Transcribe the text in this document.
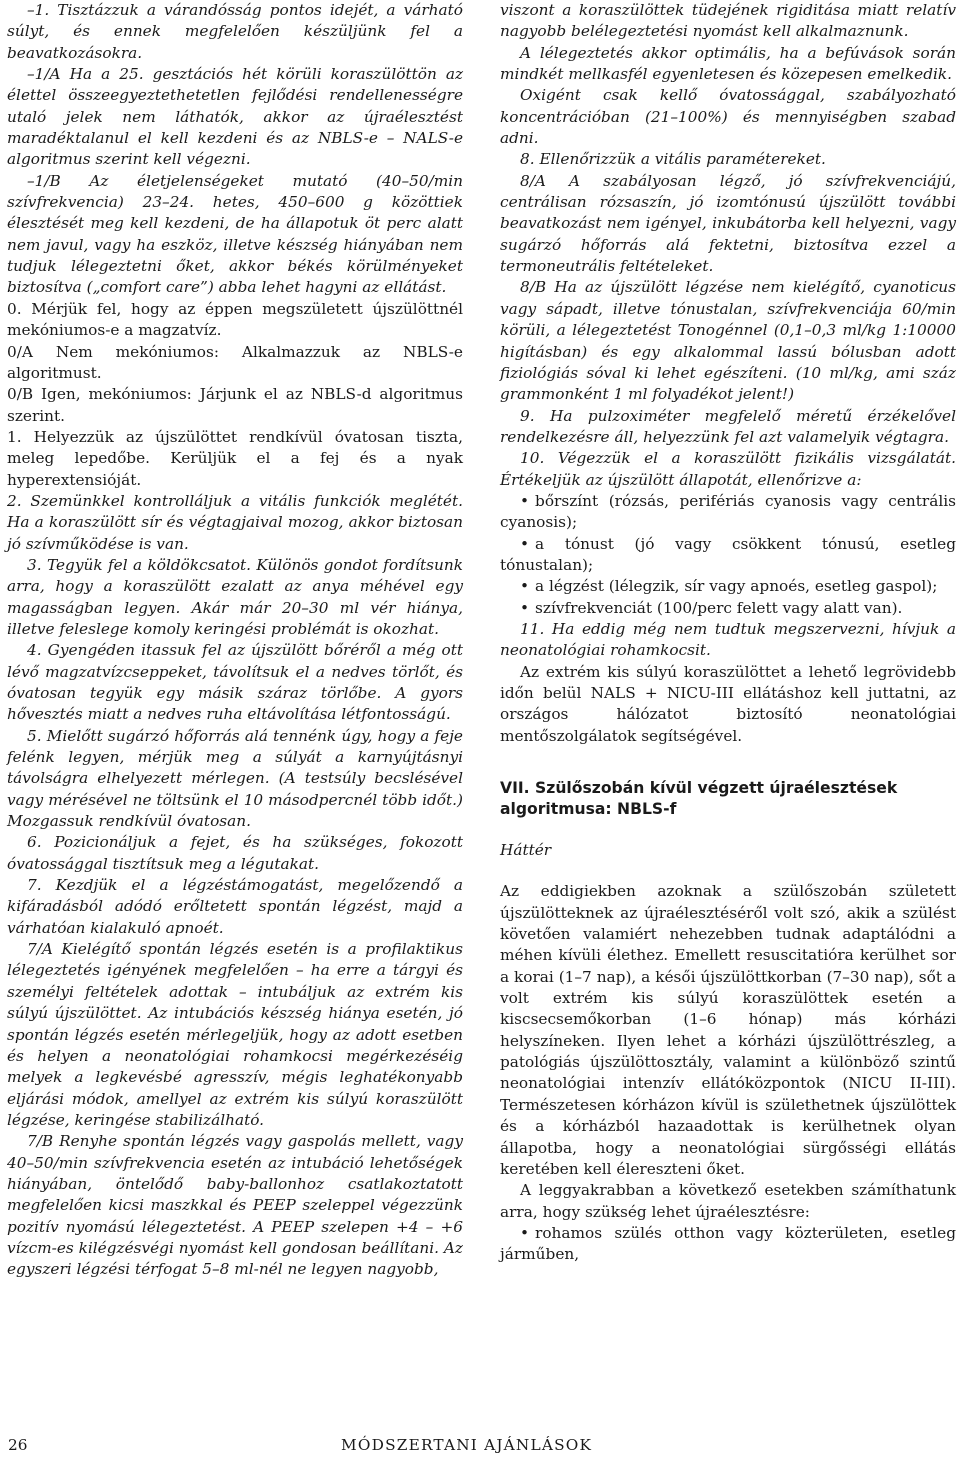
–1. Tisztázzuk a várandósság pontos idejét, a várható súlyt, és ennek megfelelően készüljünk fel a beavatkozásokra.

–1/A Ha a 25. gesztációs hét körüli koraszülöttön az élettel összeegyeztethetetlen fejlődési rendellenességre utaló jelek nem láthatók, akkor az újraélesztést maradéktalanul el kell kezdeni és az NBLS-e – NALS-e algoritmus szerint kell végezni.

–1/B Az életjelenségeket mutató (40–50/min szívfrekvencia) 23–24. hetes, 450–600 g közöttiek élesztését meg kell kezdeni, de ha állapotuk öt perc alatt nem javul, vagy ha eszköz, illetve készség hiányában nem tudjuk lélegeztetni őket, akkor békés körülményeket biztosítva („comfort care”) abba lehet hagyni az ellátást.

0. Mérjük fel, hogy az éppen megszületett újszülöttnél mekóniumos-e a magzatvíz.

0/A Nem mekóniumos: Alkalmazzuk az NBLS-e algoritmust.

0/B Igen, mekóniumos: Járjunk el az NBLS-d algoritmus szerint.

1. Helyezzük az újszülöttet rendkívül óvatosan tiszta, meleg lepedőbe. Kerüljük el a fej és a nyak hyperextensióját.

2. Szemünkkel kontrolláljuk a vitális funkciók meglétét. Ha a koraszülött sír és végtagjaival mozog, akkor biztosan jó szívműködése is van.

3. Tegyük fel a köldökcsatot. Különös gondot fordítsunk arra, hogy a koraszülött ezalatt az anya méhével egy magasságban legyen. Akár már 20–30 ml vér hiánya, illetve feleslege komoly keringési problémát is okozhat.

4. Gyengéden itassuk fel az újszülött bőréről a még ott lévő magzatvízcseppeket, távolítsuk el a nedves törlőt, és óvatosan tegyük egy másik száraz törlőbe. A gyors hővesztés miatt a nedves ruha eltávolítása létfontosságú.

5. Mielőtt sugárzó hőforrás alá tennénk úgy, hogy a feje felénk legyen, mérjük meg a súlyát a karnyújtásnyi távolságra elhelyezett mérlegen. (A testsúly becslésével vagy mérésével ne töltsünk el 10 másodpercnél több időt.) Mozgassuk rendkívül óvatosan.

6. Pozicionáljuk a fejet, és ha szükséges, fokozott óvatossággal tisztítsuk meg a légutakat.

7. Kezdjük el a légzéstámogatást, megelőzendő a kifáradásból adódó erőltetett spontán légzést, majd a várhatóan kialakuló apnoét.

7/A Kielégítő spontán légzés esetén is a profilaktikus lélegeztetés igényének megfelelően – ha erre a tárgyi és személyi feltételek adottak – intubáljuk az extrém kis súlyú újszülöttet. Az intubációs készség hiánya esetén, jó spontán légzés esetén mérlegeljük, hogy az adott esetben és helyen a neonatológiai rohamkocsi megérkezéséig melyek a legkevésbé agresszív, mégis leghatékonyabb eljárási módok, amellyel az extrém kis súlyú koraszülött légzése, keringése stabilizálható.

7/B Renyhe spontán légzés vagy gaspolás mellett, vagy 40–50/min szívfrekvencia esetén az intubáció lehetőségek hiányában, öntelődő baby-ballonhoz csatlakoztatott megfelelően kicsi maszkkal és PEEP szeleppel végezzünk pozitív nyomású lélegeztetést. A PEEP szelepen +4 – +6 vízcm-es kilégzésvégi nyomást kell gondosan beállítani. Az egyszeri légzési térfogat 5–8 ml-nél ne legyen nagyobb,

viszont a koraszülöttek tüdejének rigiditása miatt relatív nagyobb belélegeztetési nyomást kell alkalmaznunk.

A lélegeztetés akkor optimális, ha a befúvások során mindkét mellkasfél egyenletesen és közepesen emelkedik.

Oxigént csak kellő óvatossággal, szabályozható koncentrációban (21–100%) és mennyiségben szabad adni.

8. Ellenőrizzük a vitális paramétereket.

8/A A szabályosan légző, jó szívfrekvenciájú, centrálisan rózsaszín, jó izomtónusú újszülött további beavatkozást nem igényel, inkubátorba kell helyezni, vagy sugárzó hőforrás alá fektetni, biztosítva ezzel a termoneutrális feltételeket.

8/B Ha az újszülött légzése nem kielégítő, cyanoticus vagy sápadt, illetve tónustalan, szívfrekvenciája 60/min körüli, a lélegeztetést Tonogénnel (0,1–0,3 ml/kg 1:10000 higításban) és egy alkalommal lassú bólusban adott fiziológiás sóval ki lehet egészíteni. (10 ml/kg, ami száz grammonként 1 ml folyadékot jelent!)

9. Ha pulzoximéter megfelelő méretű érzékelővel rendelkezésre áll, helyezzünk fel azt valamelyik végtagra.

10. Végezzük el a koraszülött fizikális vizsgálatát. Értékeljük az újszülött állapotát, ellenőrizve a:

• bőrszínt (rózsás, perifériás cyanosis vagy centrális cyanosis);

• a tónust (jó vagy csökkent tónusú, esetleg tónustalan);

• a légzést (lélegzik, sír vagy apnoés, esetleg gaspol);

• szívfrekvenciát (100/perc felett vagy alatt van).

11. Ha eddig még nem tudtuk megszervezni, hívjuk a neonatológiai rohamkocsit.

Az extrém kis súlyú koraszülöttet a lehető legrövidebb időn belül NALS + NICU-III ellátáshoz kell juttatni, az országos hálózatot biztosító neonatológiai mentőszolgálatok segítségével.

VII. Szülőszobán kívül végzett újraélesztések algoritmusa: NBLS-f

Háttér

Az eddigiekben azoknak a szülőszobán született újszülötteknek az újraélesztéséről volt szó, akik a szülést követően valamiért nehezebben tudnak adaptálódni a méhen kívüli élethez. Emellett resuscitatióra kerülhet sor a korai (1–7 nap), a késői újszülöttkorban (7–30 nap), sőt a volt extrém kis súlyú koraszülöttek esetén a kiscsecsemőkorban (1–6 hónap) más kórházi helyszíneken. Ilyen lehet a kórházi újszülöttrészleg, a patológiás újszülöttosztály, valamint a különböző szintű neonatológiai intenzív ellátóközpontok (NICU II-III). Természetesen kórházon kívül is születhetnek újszülöttek és a kórházból hazaadottak is kerülhetnek olyan állapotba, hogy a neonatológiai sürgősségi ellátás keretében kell élereszteni őket.

A leggyakrabban a következő esetekben számíthatunk arra, hogy szükség lehet újraélesztésre:

• rohamos szülés otthon vagy közterületen, esetleg járműben,

26	MÓDSZERTANI AJÁNLÁSOK
